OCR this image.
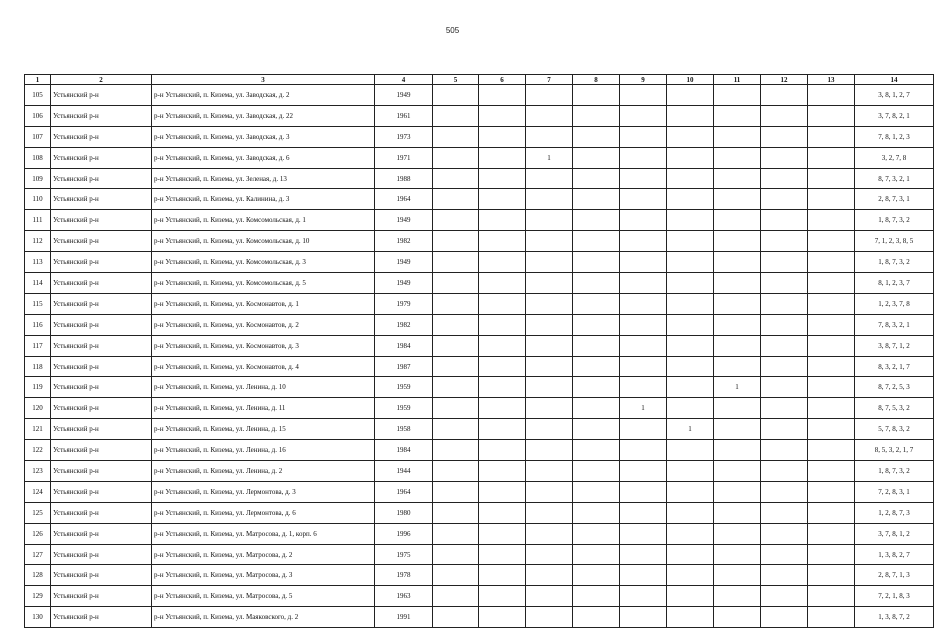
505
1	2	3	4	5	6	7	8	9	10	11	12	13	14
105	Устьянский р-н	р-н Устьянский, п. Кизема, ул. Заводская, д. 2	1949										3, 8, 1, 2, 7
106	Устьянский р-н	р-н Устьянский, п. Кизема, ул. Заводская, д. 22	1961										3, 7, 8, 2, 1
107	Устьянский р-н	р-н Устьянский, п. Кизема, ул. Заводская, д. 3	1973										7, 8, 1, 2, 3
108	Устьянский р-н	р-н Устьянский, п. Кизема, ул. Заводская, д. 6	1971			1							3, 2, 7, 8
109	Устьянский р-н	р-н Устьянский, п. Кизема, ул. Зеленая, д. 13	1988										8, 7, 3, 2, 1
110	Устьянский р-н	р-н Устьянский, п. Кизема, ул. Калинина, д. 3	1964										2, 8, 7, 3, 1
111	Устьянский р-н	р-н Устьянский, п. Кизема, ул. Комсомольская, д. 1	1949										1, 8, 7, 3, 2
112	Устьянский р-н	р-н Устьянский, п. Кизема, ул. Комсомольская, д. 10	1982										7, 1, 2, 3, 8, 5
113	Устьянский р-н	р-н Устьянский, п. Кизема, ул. Комсомольская, д. 3	1949										1, 8, 7, 3, 2
114	Устьянский р-н	р-н Устьянский, п. Кизема, ул. Комсомольская, д. 5	1949										8, 1, 2, 3, 7
115	Устьянский р-н	р-н Устьянский, п. Кизема, ул. Космонавтов, д. 1	1979										1, 2, 3, 7, 8
116	Устьянский р-н	р-н Устьянский, п. Кизема, ул. Космонавтов, д. 2	1982										7, 8, 3, 2, 1
117	Устьянский р-н	р-н Устьянский, п. Кизема, ул. Космонавтов, д. 3	1984										3, 8, 7, 1, 2
118	Устьянский р-н	р-н Устьянский, п. Кизема, ул. Космонавтов, д. 4	1987										8, 3, 2, 1, 7
119	Устьянский р-н	р-н Устьянский, п. Кизема, ул. Ленина, д. 10	1959							1			8, 7, 2, 5, 3
120	Устьянский р-н	р-н Устьянский, п. Кизема, ул. Ленина, д. 11	1959					1					8, 7, 5, 3, 2
121	Устьянский р-н	р-н Устьянский, п. Кизема, ул. Ленина, д. 15	1958						1				5, 7, 8, 3, 2
122	Устьянский р-н	р-н Устьянский, п. Кизема, ул. Ленина, д. 16	1984										8, 5, 3, 2, 1, 7
123	Устьянский р-н	р-н Устьянский, п. Кизема, ул. Ленина, д. 2	1944										1, 8, 7, 3, 2
124	Устьянский р-н	р-н Устьянский, п. Кизема, ул. Лермонтова, д. 3	1964										7, 2, 8, 3, 1
125	Устьянский р-н	р-н Устьянский, п. Кизема, ул. Лермонтова, д. 6	1980										1, 2, 8, 7, 3
126	Устьянский р-н	р-н Устьянский, п. Кизема, ул. Матросова, д. 1, корп. 6	1996										3, 7, 8, 1, 2
127	Устьянский р-н	р-н Устьянский, п. Кизема, ул. Матросова, д. 2	1975										1, 3, 8, 2, 7
128	Устьянский р-н	р-н Устьянский, п. Кизема, ул. Матросова, д. 3	1978										2, 8, 7, 1, 3
129	Устьянский р-н	р-н Устьянский, п. Кизема, ул. Матросова, д. 5	1963										7, 2, 1, 8, 3
130	Устьянский р-н	р-н Устьянский, п. Кизема, ул. Маяковского, д. 2	1991										1, 3, 8, 7, 2
